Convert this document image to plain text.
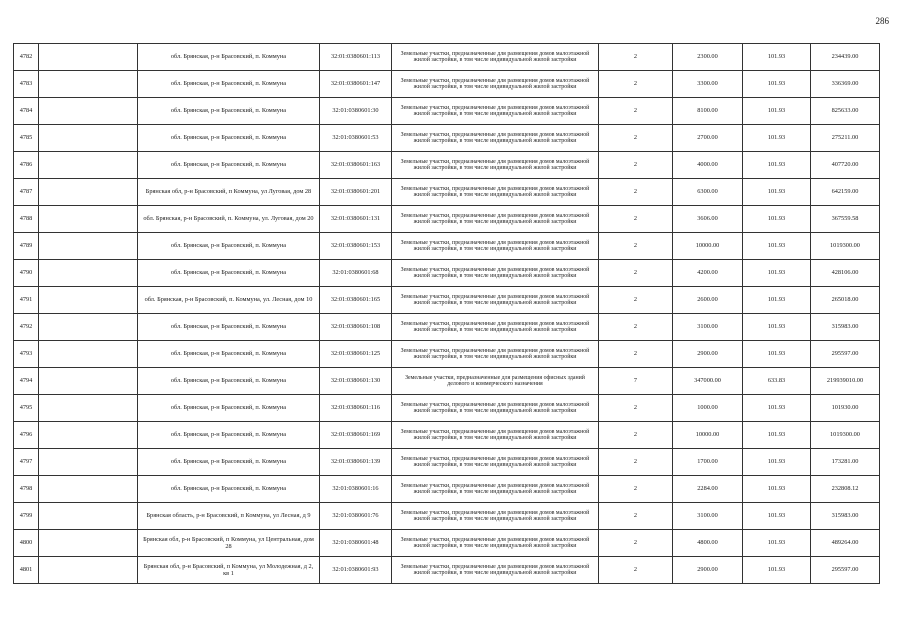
286
4782		обл. Брянская, р-н Брасовский, п. Коммуна	32:01:0380601:113	Земельные участки, предназначенные для размещения домов малоэтажной жилой застройки, в том числе индивидуальной жилой застройки	2	2300.00	101.93	234439.00
4783		обл. Брянская, р-н Брасовский, п. Коммуна	32:01:0380601:147	Земельные участки, предназначенные для размещения домов малоэтажной жилой застройки, в том числе индивидуальной жилой застройки	2	3300.00	101.93	336369.00
4784		обл. Брянская, р-н Брасовский, п. Коммуна	32:01:0380601:30	Земельные участки, предназначенные для размещения домов малоэтажной жилой застройки, в том числе индивидуальной жилой застройки	2	8100.00	101.93	825633.00
4785		обл. Брянская, р-н Брасовский, п. Коммуна	32:01:0380601:53	Земельные участки, предназначенные для размещения домов малоэтажной жилой застройки, в том числе индивидуальной жилой застройки	2	2700.00	101.93	275211.00
4786		обл. Брянская, р-н Брасовский, п. Коммуна	32:01:0380601:163	Земельные участки, предназначенные для размещения домов малоэтажной жилой застройки, в том числе индивидуальной жилой застройки	2	4000.00	101.93	407720.00
4787		Брянская обл, р-н Брасовский, п Коммуна, ул Луговая, дом 28	32:01:0380601:201	Земельные участки, предназначенные для размещения домов малоэтажной жилой застройки, в том числе индивидуальной жилой застройки	2	6300.00	101.93	642159.00
4788		обл. Брянская, р-н Брасовский, п. Коммуна, ул. Луговая, дом 20	32:01:0380601:131	Земельные участки, предназначенные для размещения домов малоэтажной жилой застройки, в том числе индивидуальной жилой застройки	2	3606.00	101.93	367559.58
4789		обл. Брянская, р-н Брасовский, п. Коммуна	32:01:0380601:153	Земельные участки, предназначенные для размещения домов малоэтажной жилой застройки, в том числе индивидуальной жилой застройки	2	10000.00	101.93	1019300.00
4790		обл. Брянская, р-н Брасовский, п. Коммуна	32:01:0380601:68	Земельные участки, предназначенные для размещения домов малоэтажной жилой застройки, в том числе индивидуальной жилой застройки	2	4200.00	101.93	428106.00
4791		обл. Брянская, р-н Брасовский, п. Коммуна, ул. Лесная, дом 10	32:01:0380601:165	Земельные участки, предназначенные для размещения домов малоэтажной жилой застройки, в том числе индивидуальной жилой застройки	2	2600.00	101.93	265018.00
4792		обл. Брянская, р-н Брасовский, п. Коммуна	32:01:0380601:108	Земельные участки, предназначенные для размещения домов малоэтажной жилой застройки, в том числе индивидуальной жилой застройки	2	3100.00	101.93	315983.00
4793		обл. Брянская, р-н Брасовский, п. Коммуна	32:01:0380601:125	Земельные участки, предназначенные для размещения домов малоэтажной жилой застройки, в том числе индивидуальной жилой застройки	2	2900.00	101.93	295597.00
4794		обл. Брянская, р-н Брасовский, п. Коммуна	32:01:0380601:130	Земельные участки, предназначенные для размещения офисных зданий делового и коммерческого назначения	7	347000.00	633.83	219939010.00
4795		обл. Брянская, р-н Брасовский, п. Коммуна	32:01:0380601:116	Земельные участки, предназначенные для размещения домов малоэтажной жилой застройки, в том числе индивидуальной жилой застройки	2	1000.00	101.93	101930.00
4796		обл. Брянская, р-н Брасовский, п. Коммуна	32:01:0380601:169	Земельные участки, предназначенные для размещения домов малоэтажной жилой застройки, в том числе индивидуальной жилой застройки	2	10000.00	101.93	1019300.00
4797		обл. Брянская, р-н Брасовский, п. Коммуна	32:01:0380601:139	Земельные участки, предназначенные для размещения домов малоэтажной жилой застройки, в том числе индивидуальной жилой застройки	2	1700.00	101.93	173281.00
4798		обл. Брянская, р-н Брасовский, п. Коммуна	32:01:0380601:16	Земельные участки, предназначенные для размещения домов малоэтажной жилой застройки, в том числе индивидуальной жилой застройки	2	2284.00	101.93	232808.12
4799		Брянская область, р-н Брасовский, п Коммуна, ул Лесная, д 9	32:01:0380601:76	Земельные участки, предназначенные для размещения домов малоэтажной жилой застройки, в том числе индивидуальной жилой застройки	2	3100.00	101.93	315983.00
4800		Брянская обл, р-н Брасовский, п Коммуна, ул Центральная, дом 28	32:01:0380601:48	Земельные участки, предназначенные для размещения домов малоэтажной жилой застройки, в том числе индивидуальной жилой застройки	2	4800.00	101.93	489264.00
4801		Брянская обл, р-н Брасовский, п Коммуна, ул Молодежная, д 2, кв 1	32:01:0380601:93	Земельные участки, предназначенные для размещения домов малоэтажной жилой застройки, в том числе индивидуальной жилой застройки	2	2900.00	101.93	295597.00
